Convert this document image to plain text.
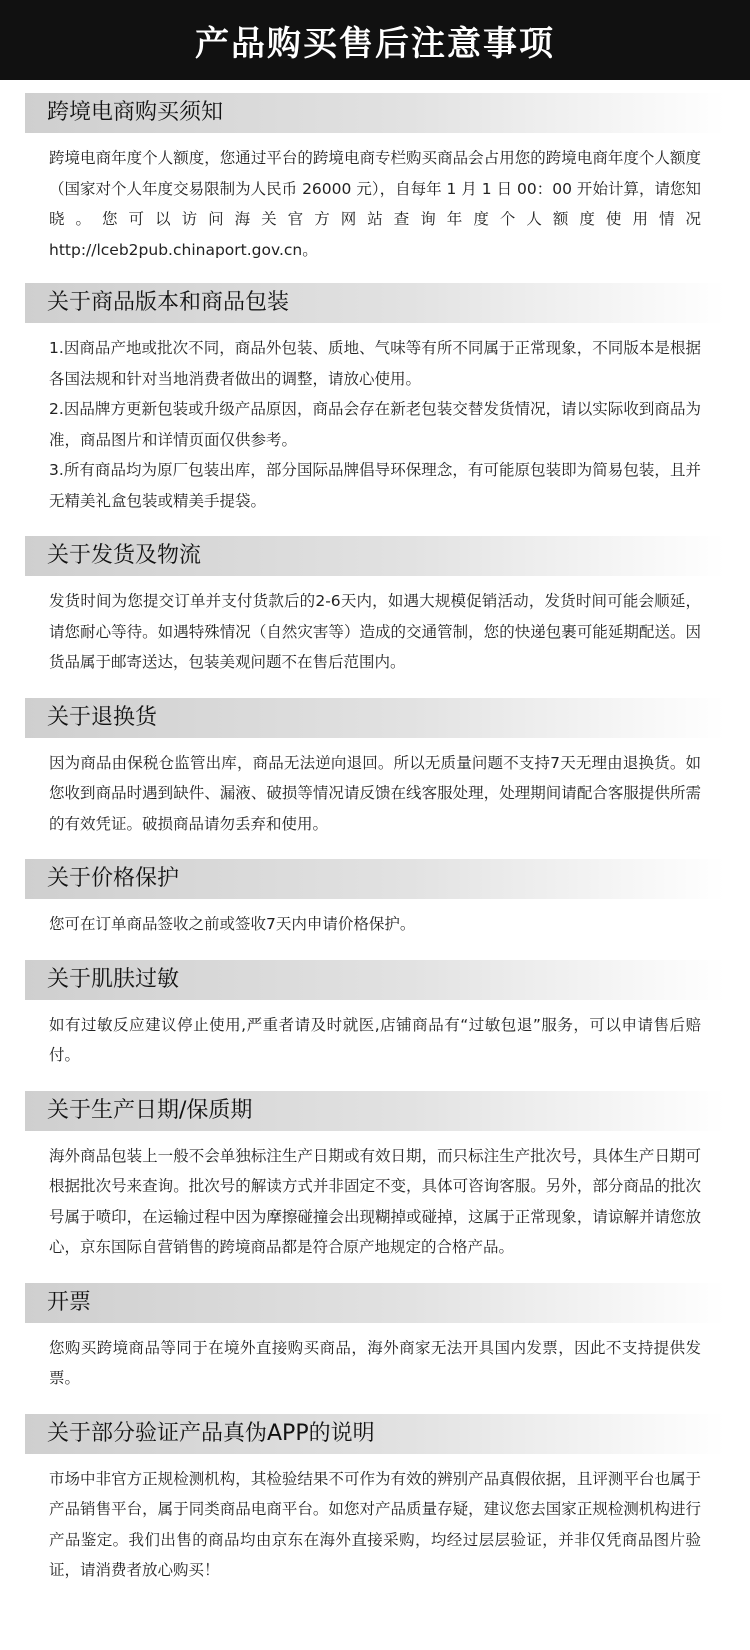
产品购买售后注意事项
跨境电商购买须知

跨境电商年度个人额度，您通过平台的跨境电商专栏购买商品会占用您的跨境电商年度个人额度（国家对个人年度交易限制为人民币 26000 元），自每年 1 月 1 日 00：00 开始计算，请您知晓。您可以访问海关官方网站查询年度个人额度使用情况 http://lceb2pub.chinaport.gov.cn。

关于商品版本和商品包装

1.因商品产地或批次不同，商品外包装、质地、气味等有所不同属于正常现象，不同版本是根据各国法规和针对当地消费者做出的调整，请放心使用。

2.因品牌方更新包装或升级产品原因，商品会存在新老包装交替发货情况，请以实际收到商品为准，商品图片和详情页面仅供参考。

3.所有商品均为原厂包装出库，部分国际品牌倡导环保理念，有可能原包装即为简易包装，且并无精美礼盒包装或精美手提袋。

关于发货及物流

发货时间为您提交订单并支付货款后的2-6天内，如遇大规模促销活动，发货时间可能会顺延，请您耐心等待。如遇特殊情况（自然灾害等）造成的交通管制，您的快递包裹可能延期配送。因货品属于邮寄送达，包装美观问题不在售后范围内。

关于退换货

因为商品由保税仓监管出库，商品无法逆向退回。所以无质量问题不支持7天无理由退换货。如您收到商品时遇到缺件、漏液、破损等情况请反馈在线客服处理，处理期间请配合客服提供所需的有效凭证。破损商品请勿丢弃和使用。

关于价格保护

您可在订单商品签收之前或签收7天内申请价格保护。

关于肌肤过敏

如有过敏反应建议停止使用,严重者请及时就医,店铺商品有“过敏包退”服务，可以申请售后赔付。

关于生产日期/保质期

海外商品包装上一般不会单独标注生产日期或有效日期，而只标注生产批次号，具体生产日期可根据批次号来查询。批次号的解读方式并非固定不变，具体可咨询客服。另外，部分商品的批次号属于喷印，在运输过程中因为摩擦碰撞会出现糊掉或碰掉，这属于正常现象，请谅解并请您放心，京东国际自营销售的跨境商品都是符合原产地规定的合格产品。

开票

您购买跨境商品等同于在境外直接购买商品，海外商家无法开具国内发票，因此不支持提供发票。

关于部分验证产品真伪APP的说明

市场中非官方正规检测机构，其检验结果不可作为有效的辨别产品真假依据，且评测平台也属于产品销售平台，属于同类商品电商平台。如您对产品质量存疑，建议您去国家正规检测机构进行产品鉴定。我们出售的商品均由京东在海外直接采购，均经过层层验证，并非仅凭商品图片验证，请消费者放心购买！
